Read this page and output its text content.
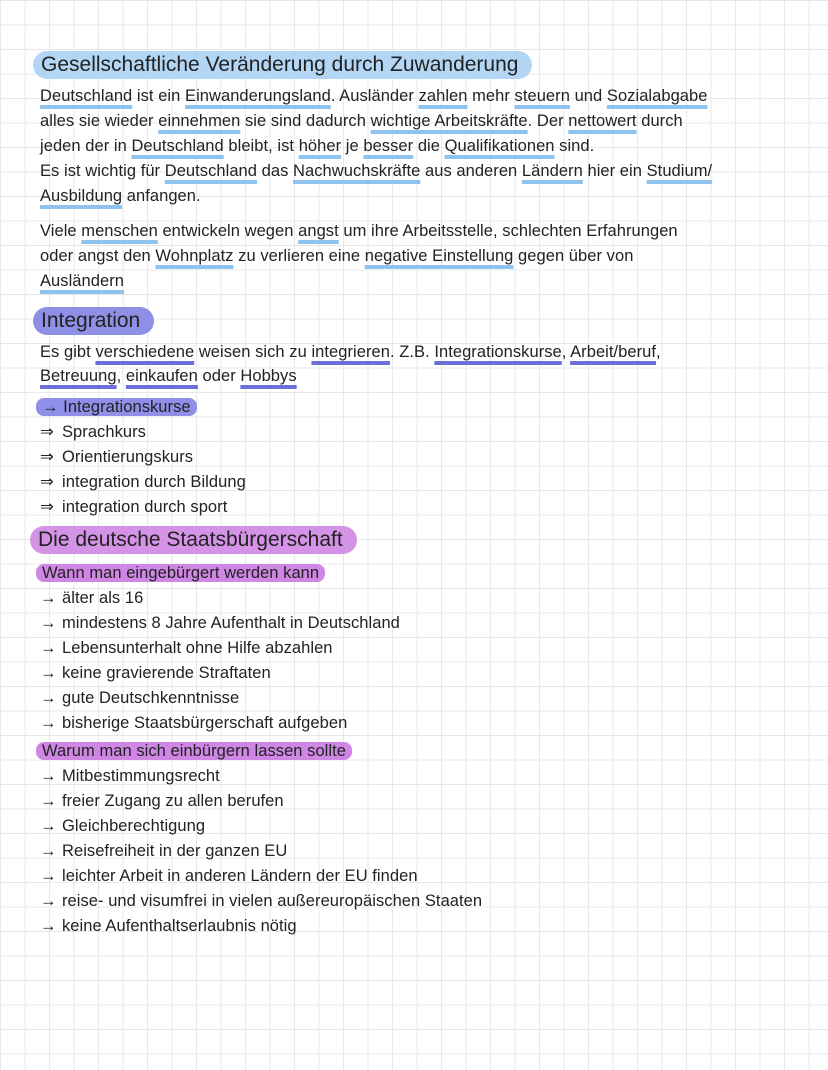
Gesellschaftliche Veränderung durch Zuwanderung
Deutschland ist ein Einwanderungsland. Ausländer zahlen mehr steuern und Sozialabgabe
alles sie wieder einnehmen sie sind dadurch wichtige Arbeitskräfte. Der nettowert durch
jeden der in Deutschland bleibt, ist höher je besser die Qualifikationen sind.
Es ist wichtig für Deutschland das Nachwuchskräfte aus anderen Ländern hier ein Studium/
Ausbildung anfangen.
Viele menschen entwickeln wegen angst um ihre Arbeitsstelle, schlechten Erfahrungen
oder angst den Wohnplatz zu verlieren eine negative Einstellung gegen über von
Ausländern
Integration
Es gibt verschiedene weisen sich zu integrieren. Z.B. Integrationskurse, Arbeit/beruf,
Betreuung, einkaufen oder Hobbys
→ Integrationskurse
⇒ Sprachkurs
⇒ Orientierungskurs
⇒ integration durch Bildung
⇒ integration durch sport
Die deutsche Staatsbürgerschaft
Wann man eingebürgert werden kann
→ älter als 16
→ mindestens 8 Jahre Aufenthalt in Deutschland
→ Lebensunterhalt ohne Hilfe abzahlen
→ keine gravierende Straftaten
→ gute Deutschkenntnisse
→ bisherige Staatsbürgerschaft aufgeben
Warum man sich einbürgern lassen sollte
→ Mitbestimmungsrecht
→ freier Zugang zu allen berufen
→ Gleichberechtigung
→ Reisefreiheit in der ganzen EU
→ leichter Arbeit in anderen Ländern der EU finden
→ reise- und visumfrei in vielen außereuropäischen Staaten
→ keine Aufenthaltserlaubnis nötig
